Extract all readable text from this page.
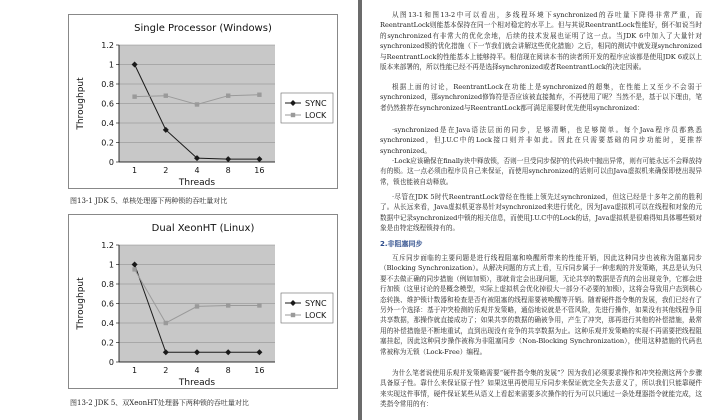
Single Processor (Windows)
0
0.2
0.4
0.6
0.8
1
1.2
1	2	4	8	16
Threads
Throughput	SYNC
LOCK
图13-1 JDK 5、单核处理器下两种锁的吞吐量对比
Dual XeonHT (Linux)
0
0.2
0.4
0.6
0.8
1
1.2
1	2	4	8	16
Threads
Throughput	SYNC
LOCK
图13-2 JDK 5、双XeonHT处理器下两种锁的吞吐量对比
从图13-1和图13-2中可以看出，多线程环境下synchronized的吞吐量下降得非常严重，而ReentrantLock则能基本保持在同一个相对稳定的水平上。但与其说ReentrantLock性能好，倒不如说当时的synchronized有非常大的优化余地，后续的技术发展也证明了这一点。当JDK 6中加入了大量针对synchronized锁的优化措施（下一节我们就会讲解这些优化措施）之后，相同的测试中就发现synchronized与ReentrantLock的性能基本上能够持平。相信现在阅读本书的读者所开发的程序应该都是使用JDK 6或以上版本来部署的，所以性能已经不再是选择synchronized或者ReentrantLock的决定因素。
根据上面的讨论，ReentrantLock在功能上是synchronized的超集，在性能上又至少不会弱于synchronized，那synchronized修饰符是否应该被直接抛弃，不再使用了呢？当然不是，基于以下理由，笔者仍然推荐在synchronized与ReentrantLock都可满足需要时优先使用synchronized：
·synchronized是在Java语法层面的同步，足够清晰，也足够简单。每个Java程序员都熟悉synchronized，但J.U.C中的Lock接口则并非如此。因此在只需要基础的同步功能时，更推荐synchronized。
·Lock应该确保在finally块中释放锁，否则一旦受同步保护的代码块中抛出异常，则有可能永远不会释放持有的锁。这一点必须由程序员自己来保证，而使用synchronized的话则可以由Java虚拟机来确保即使出现异常，锁也能被自动释放。
·尽管在JDK 5时代ReentrantLock曾经在性能上领先过synchronized，但这已经是十多年之前的胜利了。从长远来看，Java虚拟机更容易针对synchronized来进行优化，因为Java虚拟机可以在线程和对象的元数据中记录synchronized中锁的相关信息，而使用J.U.C中的Lock的话，Java虚拟机是很难得知具体哪些锁对象是由特定线程锁持有的。
2.非阻塞同步
互斥同步面临的主要问题是进行线程阻塞和唤醒所带来的性能开销，因此这种同步也被称为阻塞同步（Blocking Synchronization）。从解决问题的方式上看，互斥同步属于一种悲观的并发策略，其总是认为只要不去做正确的同步措施（例如加锁），那就肯定会出现问题，无论共享的数据是否真的会出现竞争，它都会进行加锁（这里讨论的是概念模型，实际上虚拟机会优化掉很大一部分不必要的加锁），这将会导致用户态到核心态转换、维护锁计数器和检查是否有被阻塞的线程需要被唤醒等开销。随着硬件指令集的发展，我们已经有了另外一个选择：基于冲突检测的乐观并发策略，通俗地说就是不管风险，先进行操作，如果没有其他线程争用共享数据，那操作就直接成功了；如果共享的数据的确被争用，产生了冲突，那再进行其他的补偿措施，最常用的补偿措施是不断地重试，直到出现没有竞争的共享数据为止。这种乐观并发策略的实现不再需要把线程阻塞挂起，因此这种同步操作被称为非阻塞同步（Non-Blocking Synchronization），使用这种措施的代码也常被称为无锁（Lock-Free）编程。
为什么笔者说使用乐观并发策略需要“硬件指令集的发展”？因为我们必须要求操作和冲突检测这两个步骤具备原子性。靠什么来保证原子性？如果这里再使用互斥同步来保证就完全失去意义了，所以我们只能靠硬件来实现这件事情，硬件保证某些从语义上看起来需要多次操作的行为可以只通过一条处理器指令就能完成，这类指令常用的有：
